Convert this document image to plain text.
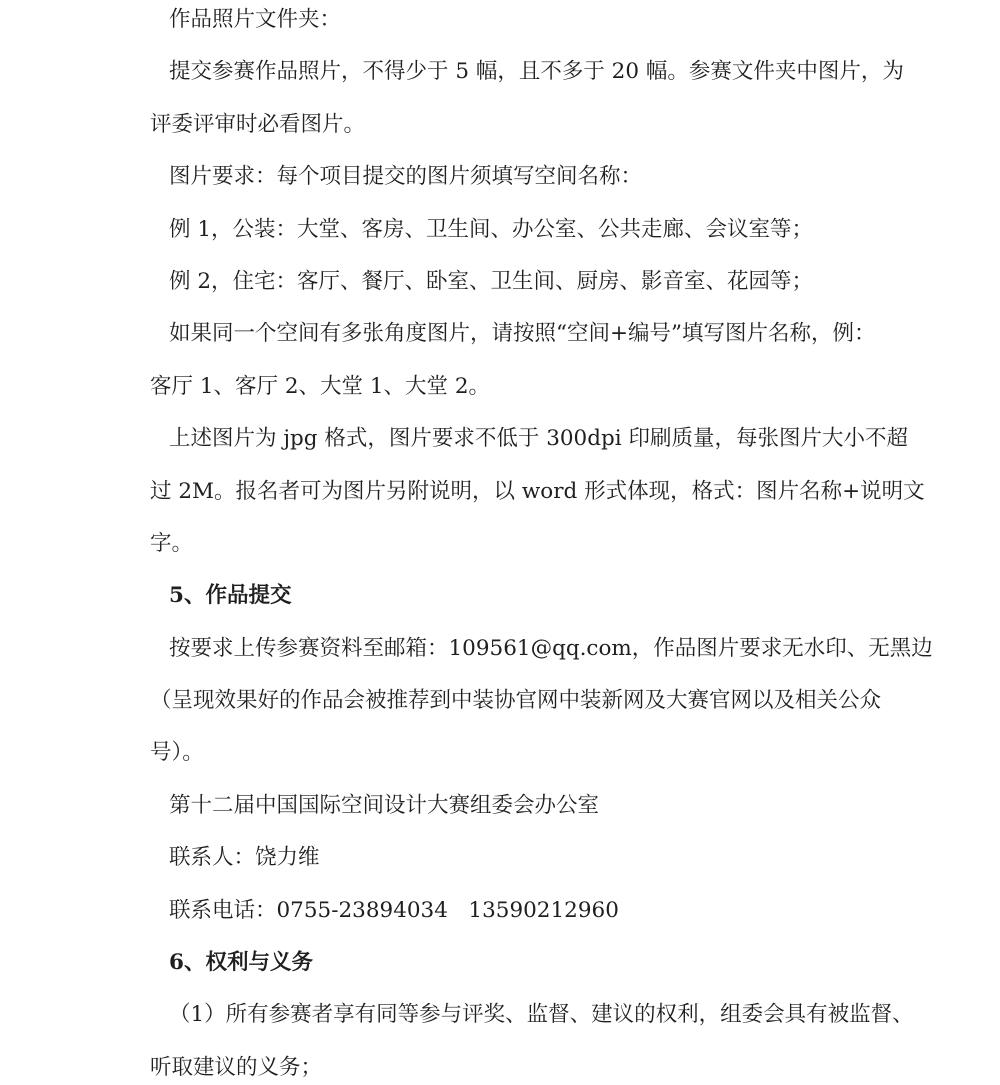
作品照片文件夹：
提交参赛作品照片，不得少于 5 幅，且不多于 20 幅。参赛文件夹中图片，为
评委评审时必看图片。
图片要求：每个项目提交的图片须填写空间名称：
例 1，公装：大堂、客房、卫生间、办公室、公共走廊、会议室等；
例 2，住宅：客厅、餐厅、卧室、卫生间、厨房、影音室、花园等；
如果同一个空间有多张角度图片，请按照“空间+编号”填写图片名称，例：
客厅 1、客厅 2、大堂 1、大堂 2。
上述图片为 jpg 格式，图片要求不低于 300dpi 印刷质量，每张图片大小不超
过 2M。报名者可为图片另附说明，以 word 形式体现，格式：图片名称+说明文
字。
5、作品提交
按要求上传参赛资料至邮箱：109561@qq.com，作品图片要求无水印、无黑边
（呈现效果好的作品会被推荐到中装协官网中装新网及大赛官网以及相关公众
号）。
第十二届中国国际空间设计大赛组委会办公室
联系人：饶力维
联系电话：0755-23894034   13590212960
6、权利与义务
（1）所有参赛者享有同等参与评奖、监督、建议的权利，组委会具有被监督、
听取建议的义务；
